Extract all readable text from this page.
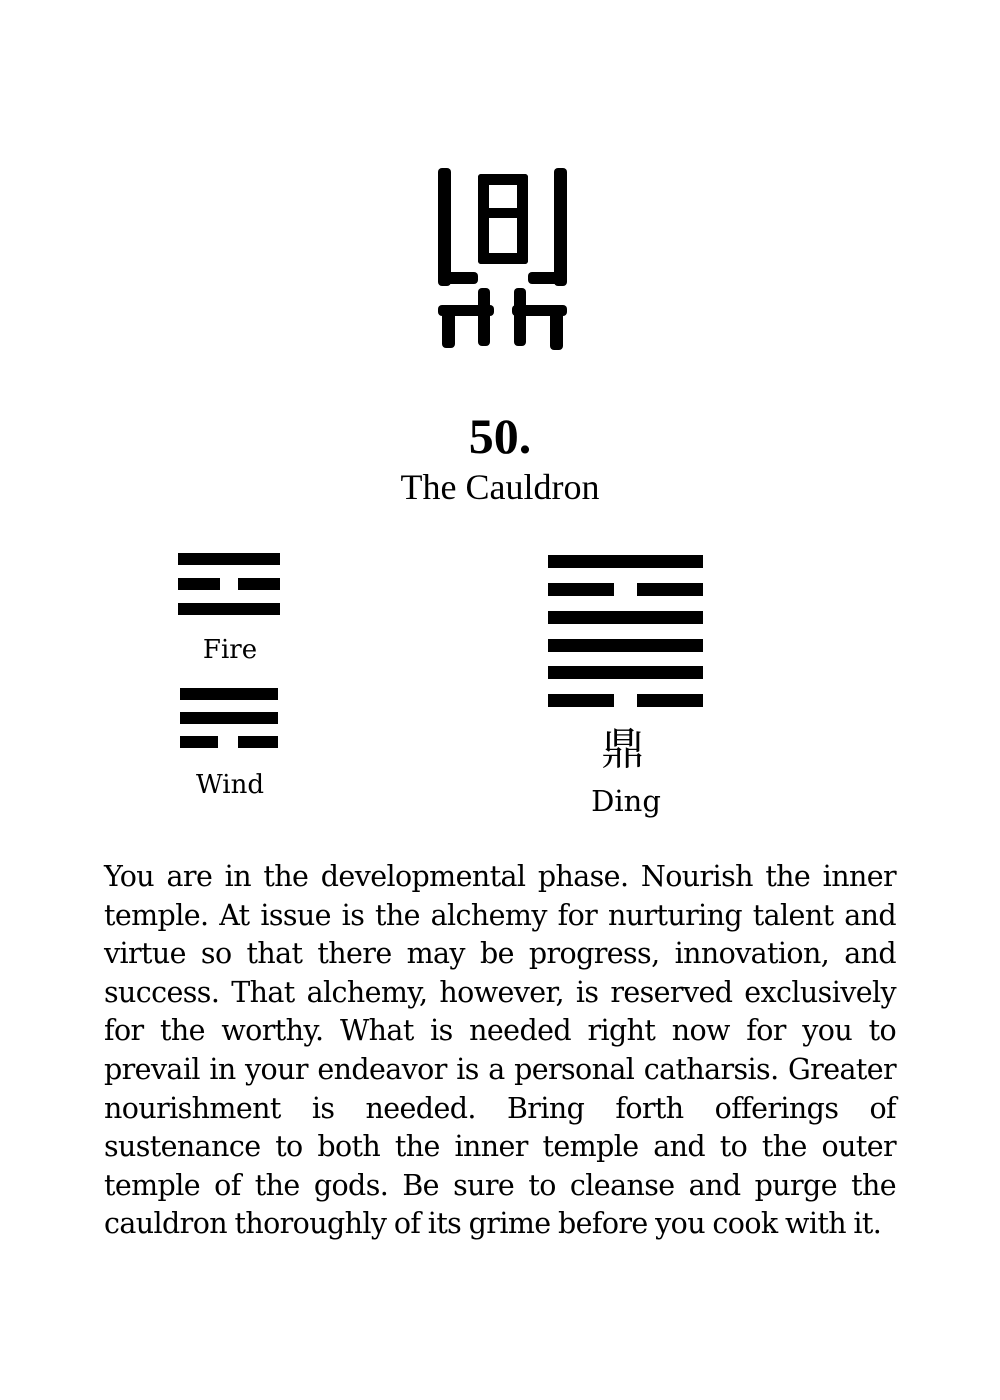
50.
The Cauldron
Fire
Wind
鼎
Ding
You are in the developmental phase. Nourish the inner temple. At issue is the alchemy for nurturing talent and virtue so that there may be progress, innovation, and success. That alchemy, however, is reserved exclusively for the worthy. What is needed right now for you to prevail in your endeavor is a personal catharsis. Greater nourishment is needed. Bring forth offerings of sustenance to both the inner temple and to the outer temple of the gods. Be sure to cleanse and purge the cauldron thoroughly of its grime before you cook with it.
